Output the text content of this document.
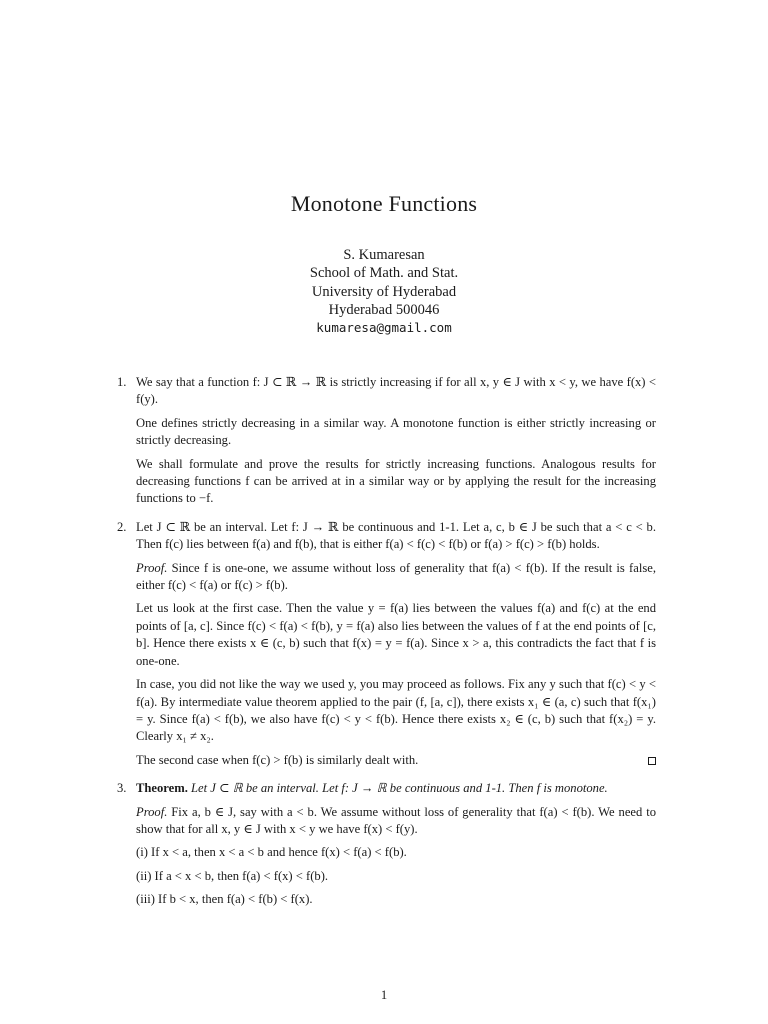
Monotone Functions
S. Kumaresan
School of Math. and Stat.
University of Hyderabad
Hyderabad 500046
kumaresa@gmail.com
1. We say that a function f: J ⊂ ℝ → ℝ is strictly increasing if for all x, y ∈ J with x < y, we have f(x) < f(y).

One defines strictly decreasing in a similar way. A monotone function is either strictly increasing or strictly decreasing.

We shall formulate and prove the results for strictly increasing functions. Analogous results for decreasing functions f can be arrived at in a similar way or by applying the result for the increasing functions to −f.

2. Let J ⊂ ℝ be an interval. Let f: J → ℝ be continuous and 1-1. Let a, c, b ∈ J be such that a < c < b. Then f(c) lies between f(a) and f(b), that is either f(a) < f(c) < f(b) or f(a) > f(c) > f(b) holds.

Proof. Since f is one-one, we assume without loss of generality that f(a) < f(b). If the result is false, either f(c) < f(a) or f(c) > f(b).

Let us look at the first case. Then the value y = f(a) lies between the values f(a) and f(c) at the end points of [a, c]. Since f(c) < f(a) < f(b), y = f(a) also lies between the values of f at the end points of [c, b]. Hence there exists x ∈ (c, b) such that f(x) = y = f(a). Since x > a, this contradicts the fact that f is one-one.

In case, you did not like the way we used y, you may proceed as follows. Fix any y such that f(c) < y < f(a). By intermediate value theorem applied to the pair (f, [a, c]), there exists x₁ ∈ (a, c) such that f(x₁) = y. Since f(a) < f(b), we also have f(c) < y < f(b). Hence there exists x₂ ∈ (c, b) such that f(x₂) = y. Clearly x₁ ≠ x₂.

The second case when f(c) > f(b) is similarly dealt with.

3. Theorem. Let J ⊂ ℝ be an interval. Let f: J → ℝ be continuous and 1-1. Then f is monotone.

Proof. Fix a, b ∈ J, say with a < b. We assume without loss of generality that f(a) < f(b). We need to show that for all x, y ∈ J with x < y we have f(x) < f(y).

(i) If x < a, then x < a < b and hence f(x) < f(a) < f(b).

(ii) If a < x < b, then f(a) < f(x) < f(b).

(iii) If b < x, then f(a) < f(b) < f(x).

1
